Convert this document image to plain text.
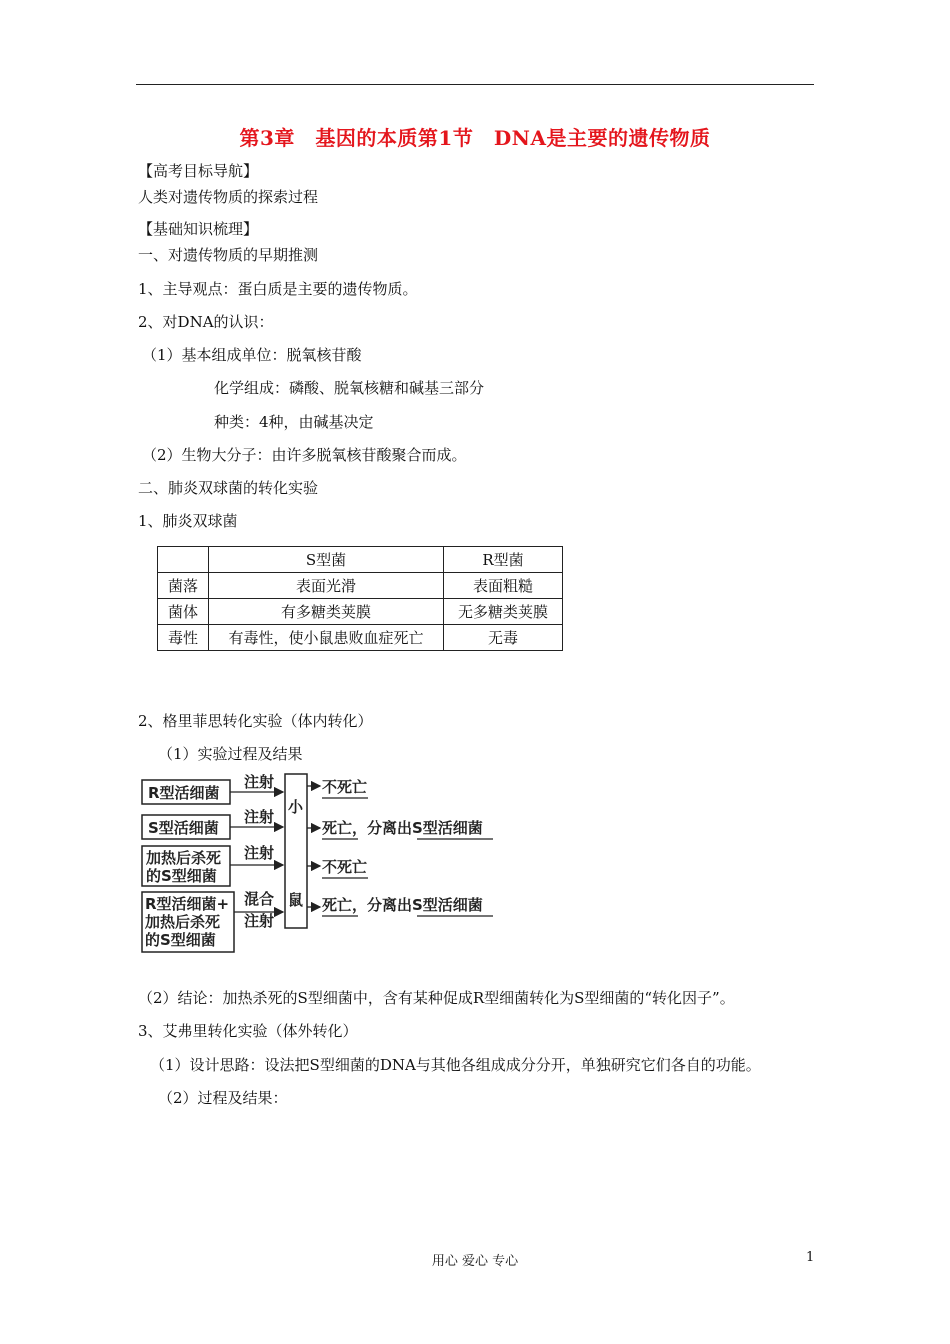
第3章　基因的本质第1节　DNA是主要的遗传物质
【高考目标导航】
人类对遗传物质的探索过程
【基础知识梳理】
一、对遗传物质的早期推测
1、主导观点：蛋白质是主要的遗传物质。
2、对DNA的认识：
（1）基本组成单位：脱氧核苷酸
化学组成：磷酸、脱氧核糖和碱基三部分
种类：4种，由碱基决定
（2）生物大分子：由许多脱氧核苷酸聚合而成。
二、肺炎双球菌的转化实验
1、肺炎双球菌
	S型菌	R型菌
菌落	表面光滑	表面粗糙
菌体	有多糖类荚膜	无多糖类荚膜
毒性	有毒性，使小鼠患败血症死亡	无毒
2、格里菲思转化实验（体内转化）
（1）实验过程及结果
R型活细菌
S型活细菌
加热后杀死
的S型细菌
R型活细菌+
加热后杀死
的S型细菌
注射
注射
注射
混合
注射
小
鼠
不死亡
死亡，分离出S型活细菌
不死亡
死亡，分离出S型活细菌
（2）结论：加热杀死的S型细菌中，含有某种促成R型细菌转化为S型细菌的“转化因子”。
3、艾弗里转化实验（体外转化）
（1）设计思路：设法把S型细菌的DNA与其他各组成成分分开，单独研究它们各自的功能。
（2）过程及结果：
用心 爱心 专心	1
